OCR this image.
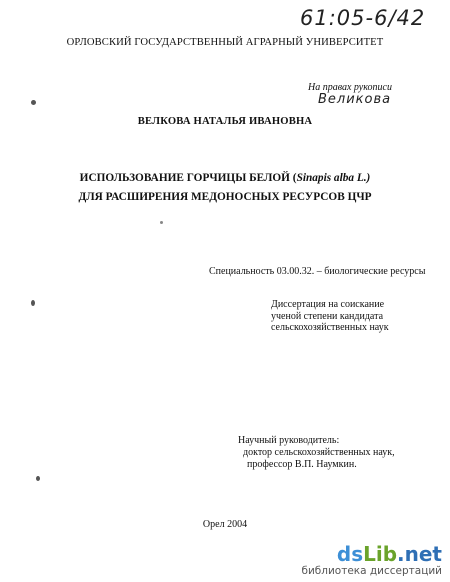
61:05-6/42
ОРЛОВСКИЙ ГОСУДАРСТВЕННЫЙ АГРАРНЫЙ УНИВЕРСИТЕТ
На правах рукописи
Великова
ВЕЛКОВА НАТАЛЬЯ ИВАНОВНА
ИСПОЛЬЗОВАНИЕ ГОРЧИЦЫ БЕЛОЙ (Sinapis alba L.)
ДЛЯ РАСШИРЕНИЯ МЕДОНОСНЫХ РЕСУРСОВ ЦЧР
Специальность 03.00.32. – биологические ресурсы
Диссертация на соискание
ученой степени кандидата
сельскохозяйственных наук
Научный руководитель:
доктор сельскохозяйственных наук,
профессор В.П. Наумкин.
Орел 2004
dsLib.net
библиотека диссертаций
